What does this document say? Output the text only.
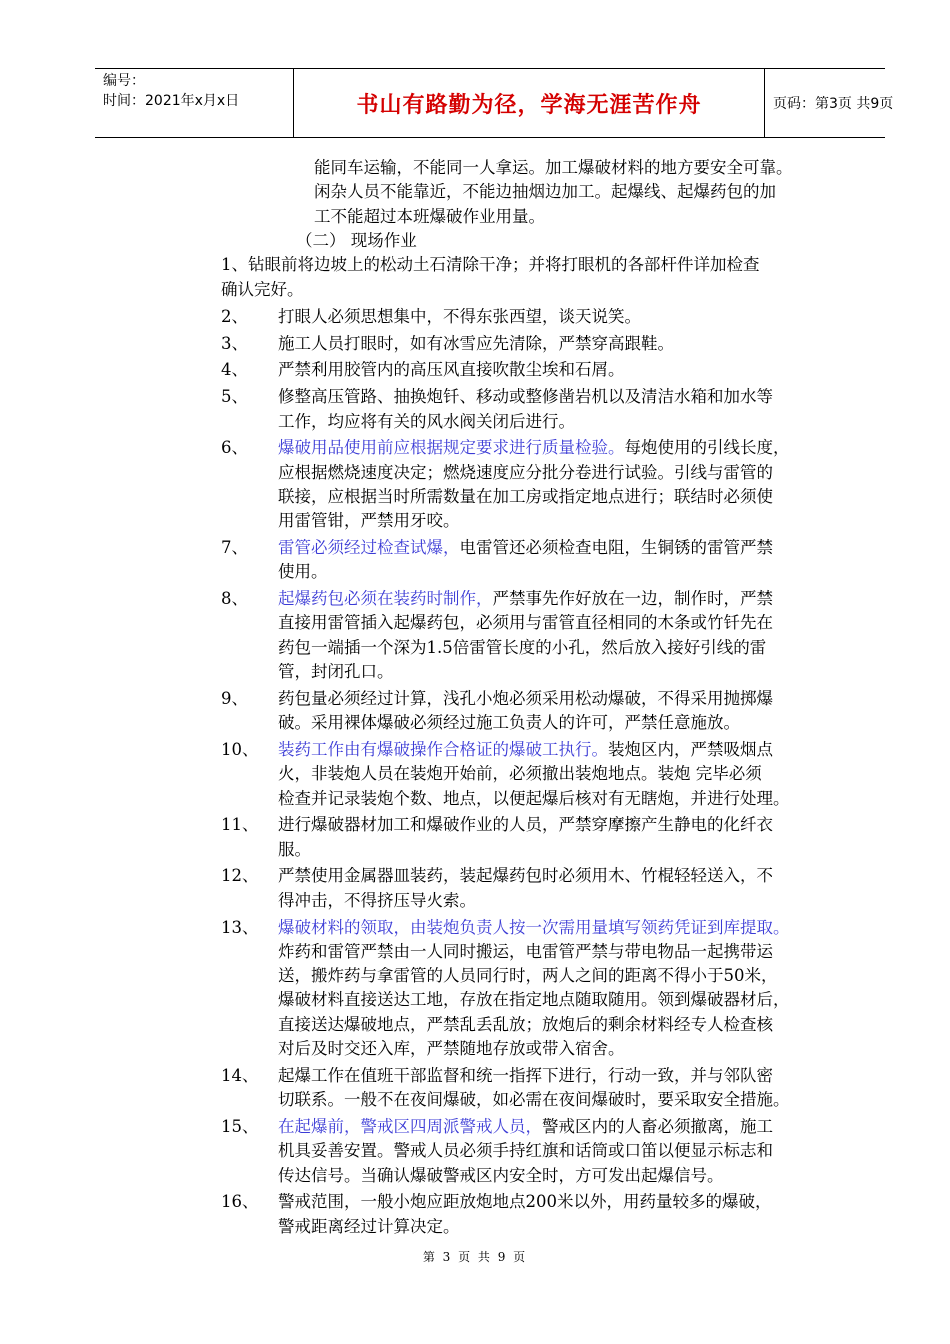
编号：
时间：2021年x月x日	书山有路勤为径，学海无涯苦作舟	页码：第3页 共9页
能同车运输，不能同一人拿运。加工爆破材料的地方要安全可靠。
闲杂人员不能靠近，不能边抽烟边加工。起爆线、起爆药包的加
工不能超过本班爆破作业用量。
（二） 现场作业
1、钻眼前将边坡上的松动土石清除干净；并将打眼机的各部杆件详加检查
确认完好。
2、 打眼人必须思想集中，不得东张西望，谈天说笑。
3、 施工人员打眼时，如有冰雪应先清除，严禁穿高跟鞋。
4、 严禁利用胶管内的高压风直接吹散尘埃和石屑。
5、 修整高压管路、抽换炮钎、移动或整修凿岩机以及清洁水箱和加水等
工作，均应将有关的风水阀关闭后进行。
6、 爆破用品使用前应根据规定要求进行质量检验。每炮使用的引线长度，
应根据燃烧速度决定；燃烧速度应分批分卷进行试验。引线与雷管的
联接，应根据当时所需数量在加工房或指定地点进行；联结时必须使
用雷管钳，严禁用牙咬。
7、 雷管必须经过检查试爆，电雷管还必须检查电阻，生铜锈的雷管严禁
使用。
8、 起爆药包必须在装药时制作，严禁事先作好放在一边，制作时，严禁
直接用雷管插入起爆药包，必须用与雷管直径相同的木条或竹钎先在
药包一端插一个深为1.5倍雷管长度的小孔，然后放入接好引线的雷
管，封闭孔口。
9、 药包量必须经过计算，浅孔小炮必须采用松动爆破，不得采用抛掷爆
破。采用裸体爆破必须经过施工负责人的许可，严禁任意施放。
10、 装药工作由有爆破操作合格证的爆破工执行。装炮区内，严禁吸烟点
火，非装炮人员在装炮开始前，必须撤出装炮地点。装炮 完毕必须
检查并记录装炮个数、地点，以便起爆后核对有无瞎炮，并进行处理。
11、 进行爆破器材加工和爆破作业的人员，严禁穿摩擦产生静电的化纤衣
服。
12、 严禁使用金属器皿装药，装起爆药包时必须用木、竹棍轻轻送入，不
得冲击，不得挤压导火索。
13、 爆破材料的领取，由装炮负责人按一次需用量填写领药凭证到库提取。
炸药和雷管严禁由一人同时搬运，电雷管严禁与带电物品一起携带运
送，搬炸药与拿雷管的人员同行时，两人之间的距离不得小于50米，
爆破材料直接送达工地，存放在指定地点随取随用。领到爆破器材后，
直接送达爆破地点，严禁乱丢乱放；放炮后的剩余材料经专人检查核
对后及时交还入库，严禁随地存放或带入宿舍。
14、 起爆工作在值班干部监督和统一指挥下进行，行动一致，并与邻队密
切联系。一般不在夜间爆破，如必需在夜间爆破时，要采取安全措施。
15、 在起爆前，警戒区四周派警戒人员，警戒区内的人畜必须撤离，施工
机具妥善安置。警戒人员必须手持红旗和话筒或口笛以便显示标志和
传达信号。当确认爆破警戒区内安全时，方可发出起爆信号。
16、 警戒范围，一般小炮应距放炮地点200米以外，用药量较多的爆破，
警戒距离经过计算决定。
第 3 页 共 9 页
